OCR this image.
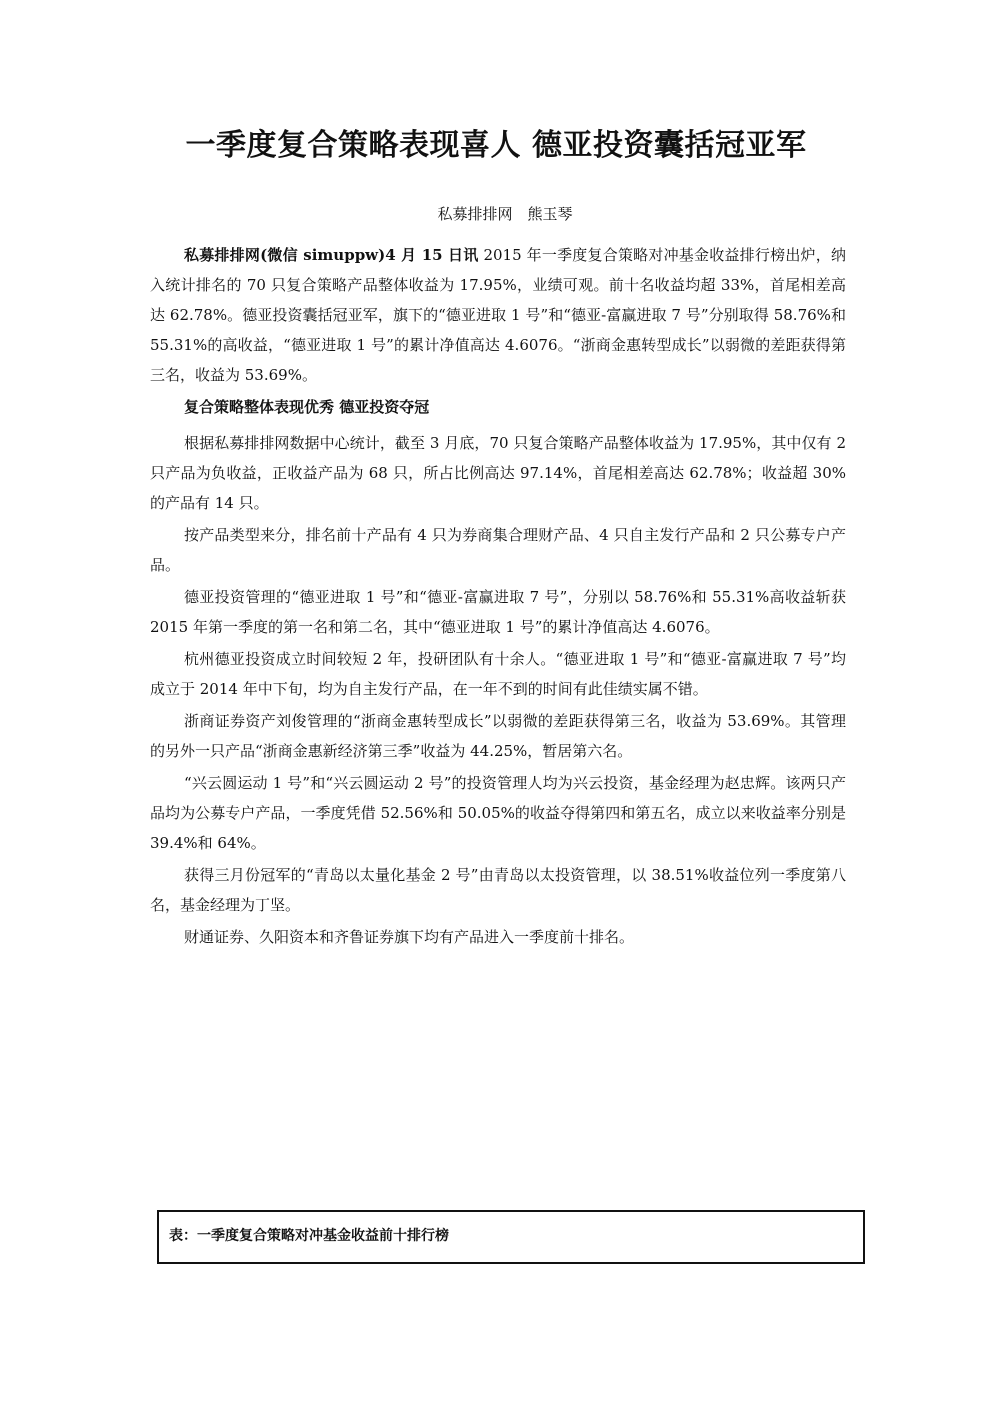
一季度复合策略表现喜人 德亚投资囊括冠亚军
私募排排网　熊玉琴

私募排排网(微信 simuppw)4 月 15 日讯 2015 年一季度复合策略对冲基金收益排行榜出炉，纳入统计排名的 70 只复合策略产品整体收益为 17.95%，业绩可观。前十名收益均超 33%，首尾相差高达 62.78%。德亚投资囊括冠亚军，旗下的“德亚进取 1 号”和“德亚-富赢进取 7 号”分别取得 58.76%和 55.31%的高收益，“德亚进取 1 号”的累计净值高达 4.6076。“浙商金惠转型成长”以弱微的差距获得第三名，收益为 53.69%。

复合策略整体表现优秀 德亚投资夺冠

根据私募排排网数据中心统计，截至 3 月底，70 只复合策略产品整体收益为 17.95%，其中仅有 2 只产品为负收益，正收益产品为 68 只，所占比例高达 97.14%，首尾相差高达 62.78%；收益超 30%的产品有 14 只。

按产品类型来分，排名前十产品有 4 只为券商集合理财产品、4 只自主发行产品和 2 只公募专户产品。

德亚投资管理的“德亚进取 1 号”和“德亚-富赢进取 7 号”，分别以 58.76%和 55.31%高收益斩获 2015 年第一季度的第一名和第二名，其中“德亚进取 1 号”的累计净值高达 4.6076。

杭州德亚投资成立时间较短 2 年，投研团队有十余人。“德亚进取 1 号”和“德亚-富赢进取 7 号”均成立于 2014 年中下旬，均为自主发行产品，在一年不到的时间有此佳绩实属不错。

浙商证券资产刘俊管理的“浙商金惠转型成长”以弱微的差距获得第三名，收益为 53.69%。其管理的另外一只产品“浙商金惠新经济第三季”收益为 44.25%，暂居第六名。

“兴云圆运动 1 号”和“兴云圆运动 2 号”的投资管理人均为兴云投资，基金经理为赵忠辉。该两只产品均为公募专户产品，一季度凭借 52.56%和 50.05%的收益夺得第四和第五名，成立以来收益率分别是 39.4%和 64%。

获得三月份冠军的“青岛以太量化基金 2 号”由青岛以太投资管理，以 38.51%收益位列一季度第八名，基金经理为丁坚。

财通证券、久阳资本和齐鲁证券旗下均有产品进入一季度前十排名。

表：一季度复合策略对冲基金收益前十排行榜
